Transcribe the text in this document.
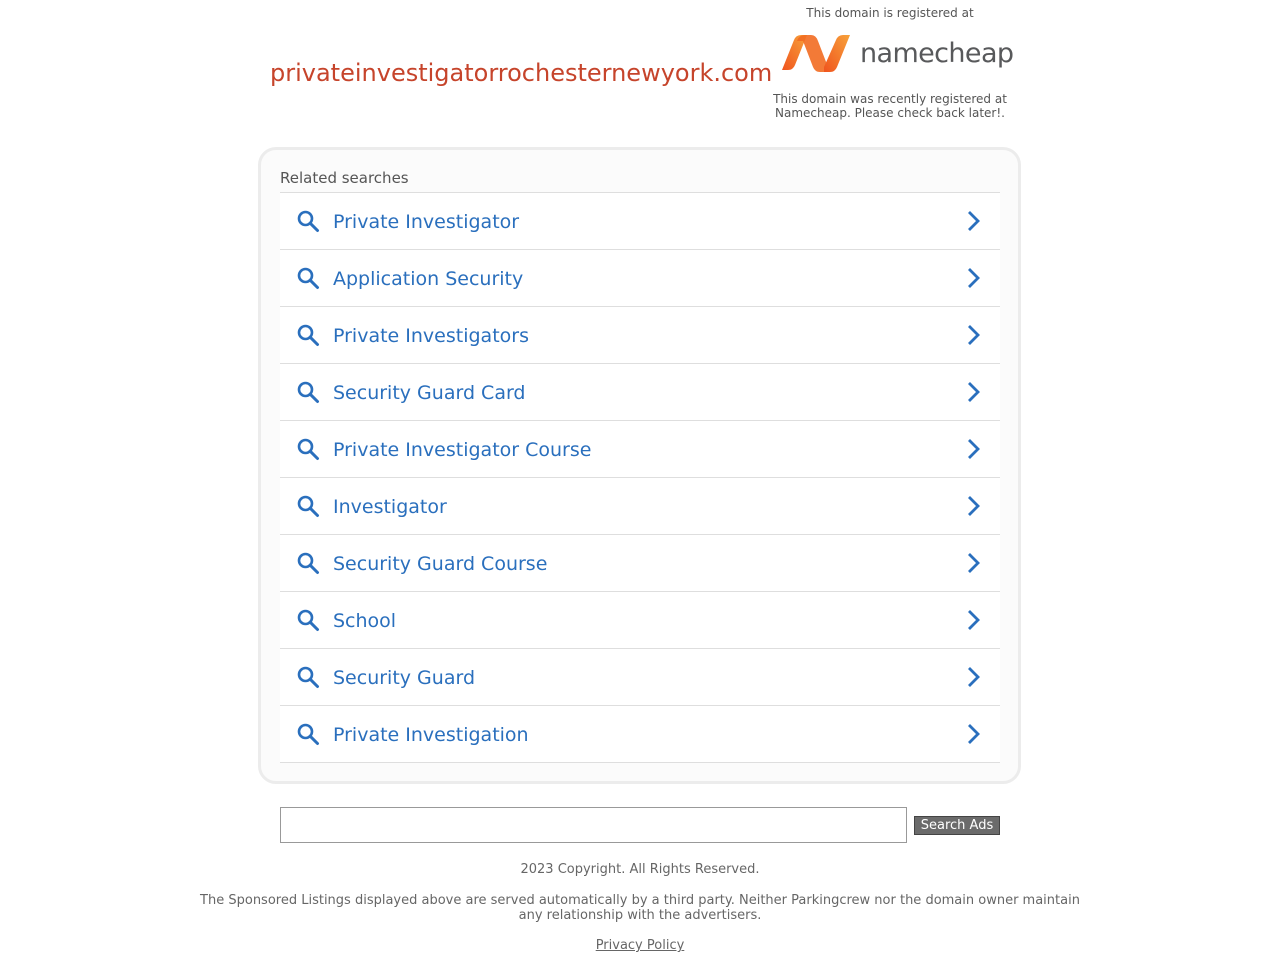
privateinvestigatorrochesternewyork.com
This domain is registered at
namecheap
This domain was recently registered at Namecheap. Please check back later!.
Related searches
Private Investigator
Application Security
Private Investigators
Security Guard Card
Private Investigator Course
Investigator
Security Guard Course
School
Security Guard
Private Investigation
Search Ads
2023 Copyright. All Rights Reserved.
The Sponsored Listings displayed above are served automatically by a third party. Neither Parkingcrew nor the domain owner maintain any relationship with the advertisers.
Privacy Policy
